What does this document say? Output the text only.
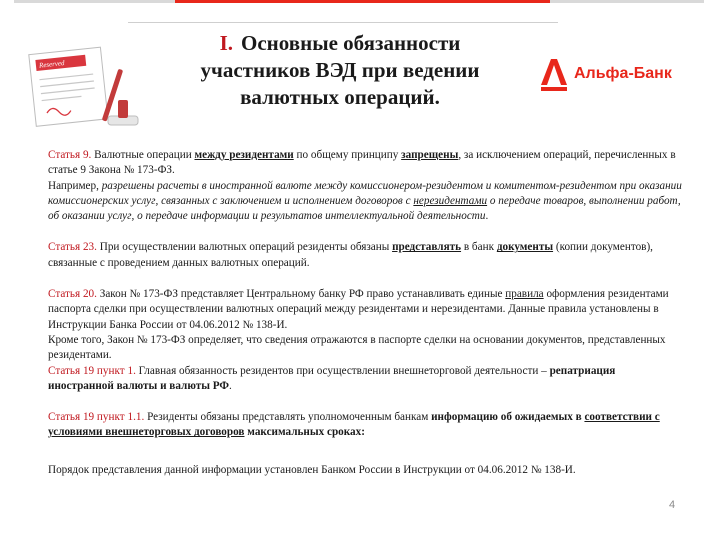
Reserved
I. Основные обязанности
участников ВЭД при ведении
валютных операций.
Альфа-Банк

Статья 9. Валютные операции между резидентами по общему принципу запрещены, за исключением операций, перечисленных в статье 9 Закона № 173-ФЗ.

Например, разрешены расчеты в иностранной валюте между комиссионером-резидентом и комитентом-резидентом при оказании комиссионерских услуг, связанных с заключением и исполнением договоров с нерезидентами о передаче товаров, выполнении работ, об оказании услуг, о передаче информации и результатов интеллектуальной деятельности.

Статья 23. При осуществлении валютных операций резиденты обязаны представлять в банк документы (копии документов), связанные с проведением данных валютных операций.

Статья 20. Закон № 173-ФЗ представляет Центральному банку РФ право устанавливать единые правила оформления резидентами паспорта сделки при осуществлении валютных операций между резидентами и нерезидентами. Данные правила установлены в Инструкции Банка России от 04.06.2012 № 138-И.

Кроме того, Закон № 173-ФЗ определяет, что сведения отражаются в паспорте сделки на основании документов, представленных резидентами.

Статья 19 пункт 1. Главная обязанность резидентов при осуществлении внешнеторговой деятельности – репатриация иностранной валюты и валюты РФ.

Статья 19 пункт 1.1. Резиденты обязаны представлять уполномоченным банкам информацию об ожидаемых в соответствии с условиями внешнеторговых договоров максимальных сроках:

Порядок представления данной информации установлен Банком России в Инструкции от 04.06.2012 № 138-И.

4
